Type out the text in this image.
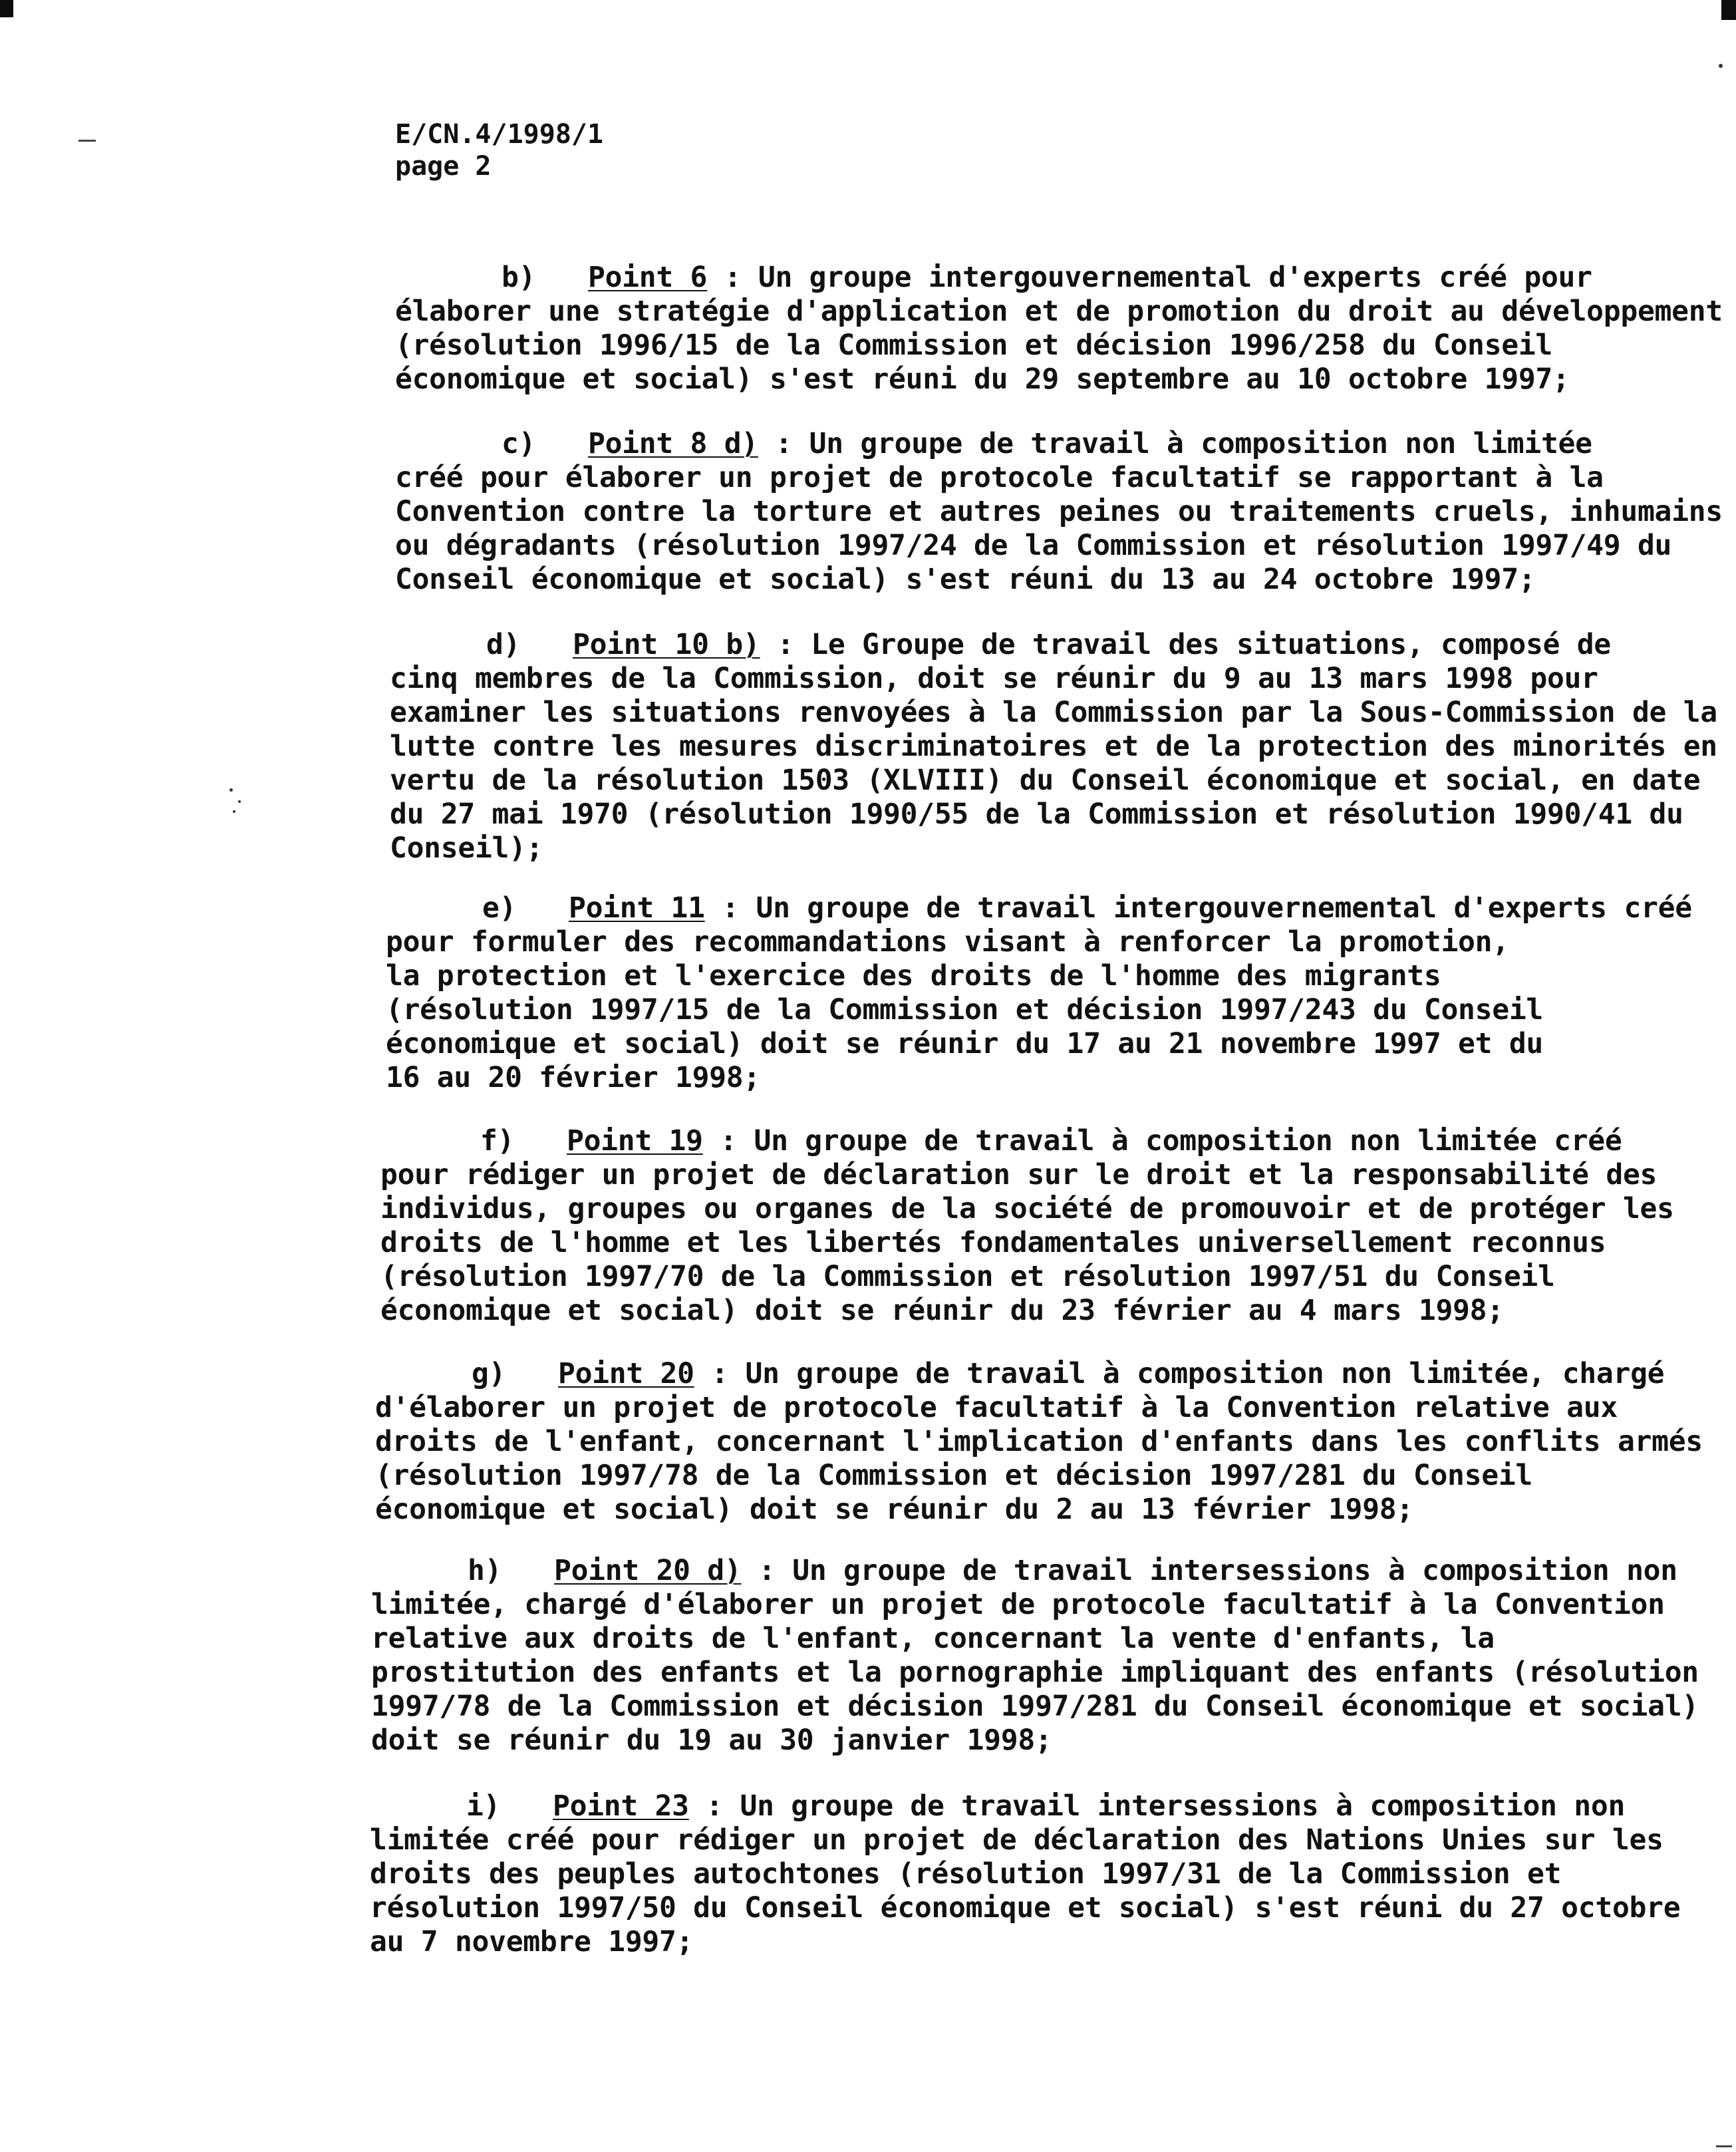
E/CN.4/1998/1

page 2

b) Point 6 : Un groupe intergouvernemental d'experts créé pour
élaborer une stratégie d'application et de promotion du droit au développement
(résolution 1996/15 de la Commission et décision 1996/258 du Conseil
économique et social) s'est réuni du 29 septembre au 10 octobre 1997;

c) Point 8 d) : Un groupe de travail à composition non limitée
créé pour élaborer un projet de protocole facultatif se rapportant à la
Convention contre la torture et autres peines ou traitements cruels, inhumains
ou dégradants (résolution 1997/24 de la Commission et résolution 1997/49 du
Conseil économique et social) s'est réuni du 13 au 24 octobre 1997;

d) Point 10 b) : Le Groupe de travail des situations, composé de
cinq membres de la Commission, doit se réunir du 9 au 13 mars 1998 pour
examiner les situations renvoyées à la Commission par la Sous-Commission de la
lutte contre les mesures discriminatoires et de la protection des minorités en
vertu de la résolution 1503 (XLVIII) du Conseil économique et social, en date
du 27 mai 1970 (résolution 1990/55 de la Commission et résolution 1990/41 du
Conseil);

e) Point 11 : Un groupe de travail intergouvernemental d'experts créé
pour formuler des recommandations visant à renforcer la promotion,
la protection et l'exercice des droits de l'homme des migrants
(résolution 1997/15 de la Commission et décision 1997/243 du Conseil
économique et social) doit se réunir du 17 au 21 novembre 1997 et du
16 au 20 février 1998;

f) Point 19 : Un groupe de travail à composition non limitée créé
pour rédiger un projet de déclaration sur le droit et la responsabilité des
individus, groupes ou organes de la société de promouvoir et de protéger les
droits de l'homme et les libertés fondamentales universellement reconnus
(résolution 1997/70 de la Commission et résolution 1997/51 du Conseil
économique et social) doit se réunir du 23 février au 4 mars 1998;

g) Point 20 : Un groupe de travail à composition non limitée, chargé
d'élaborer un projet de protocole facultatif à la Convention relative aux
droits de l'enfant, concernant l'implication d'enfants dans les conflits armés
(résolution 1997/78 de la Commission et décision 1997/281 du Conseil
économique et social) doit se réunir du 2 au 13 février 1998;

h) Point 20 d) : Un groupe de travail intersessions à composition non
limitée, chargé d'élaborer un projet de protocole facultatif à la Convention
relative aux droits de l'enfant, concernant la vente d'enfants, la
prostitution des enfants et la pornographie impliquant des enfants (résolution
1997/78 de la Commission et décision 1997/281 du Conseil économique et social)
doit se réunir du 19 au 30 janvier 1998;

i) Point 23 : Un groupe de travail intersessions à composition non
limitée créé pour rédiger un projet de déclaration des Nations Unies sur les
droits des peuples autochtones (résolution 1997/31 de la Commission et
résolution 1997/50 du Conseil économique et social) s'est réuni du 27 octobre
au 7 novembre 1997;
